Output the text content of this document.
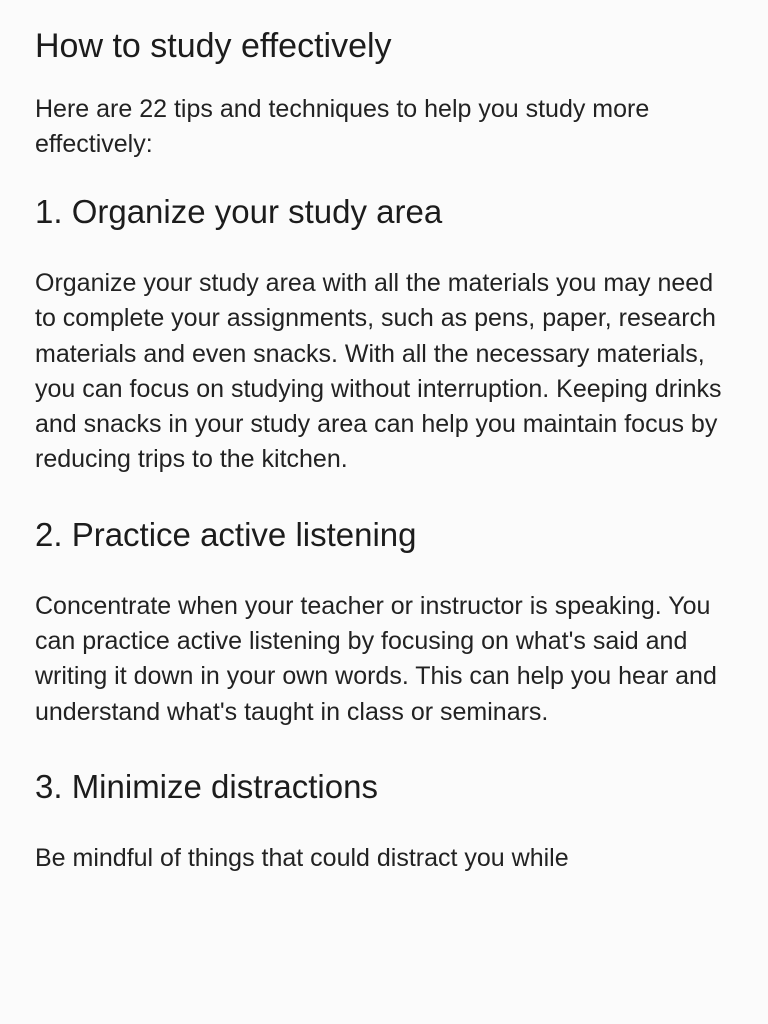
How to study effectively

Here are 22 tips and techniques to help you study more effectively:

1. Organize your study area

Organize your study area with all the materials you may need to complete your assignments, such as pens, paper, research materials and even snacks. With all the necessary materials, you can focus on studying without interruption. Keeping drinks and snacks in your study area can help you maintain focus by reducing trips to the kitchen.

2. Practice active listening

Concentrate when your teacher or instructor is speaking. You can practice active listening by focusing on what's said and writing it down in your own words. This can help you hear and understand what's taught in class or seminars.

3. Minimize distractions

Be mindful of things that could distract you while
